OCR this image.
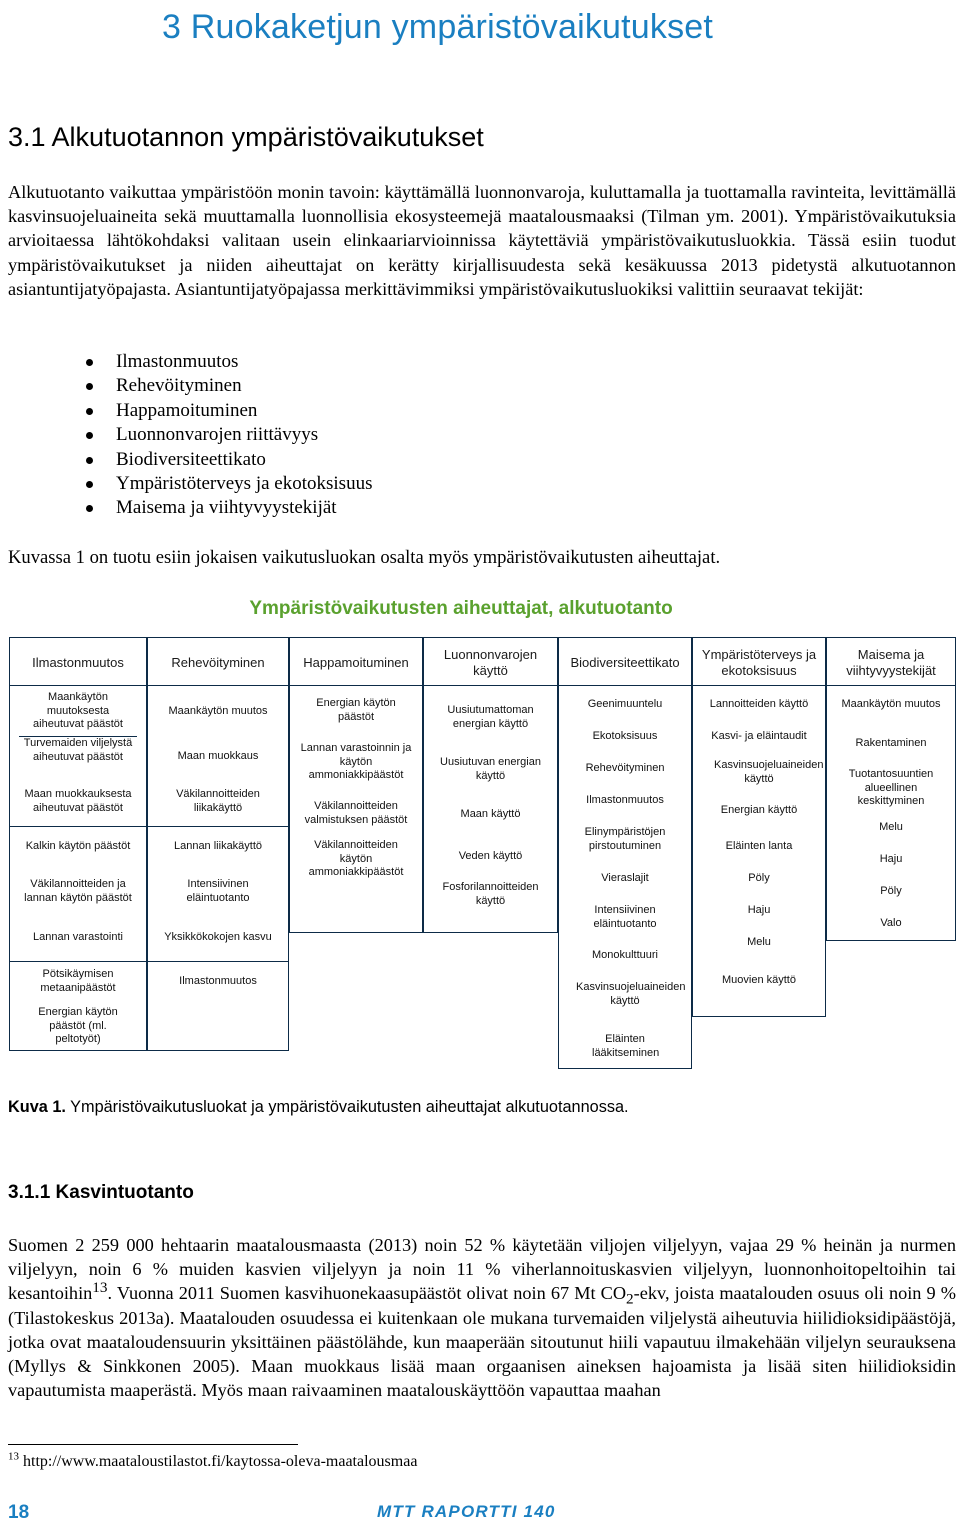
3 Ruokaketjun ympäristövaikutukset
3.1 Alkutuotannon ympäristövaikutukset

Alkutuotanto vaikuttaa ympäristöön monin tavoin: käyttämällä luonnonvaroja, kuluttamalla ja tuottamalla ravinteita, levittämällä kasvinsuojeluaineita sekä muuttamalla luonnollisia ekosysteemejä maatalousmaaksi (Tilman ym. 2001). Ympäristövaikutuksia arvioitaessa lähtökohdaksi valitaan usein elinkaariarvioinnissa käytettäviä ympäristövaikutusluokkia. Tässä esiin tuodut ympäristövaikutukset ja niiden aiheuttajat on kerätty kirjallisuudesta sekä kesäkuussa 2013 pidetystä alkutuotannon asiantuntijatyöpajasta. Asiantuntijatyöpajassa merkittävimmiksi ympäristövaikutusluokiksi valittiin seuraavat tekijät:

Ilmastonmuutos
Rehevöityminen
Happamoituminen
Luonnonvarojen riittävyys
Biodiversiteettikato
Ympäristöterveys ja ekotoksisuus
Maisema ja viihtyvyystekijät

Kuvassa 1 on tuotu esiin jokaisen vaikutusluokan osalta myös ympäristövaikutusten aiheuttajat.

Ympäristövaikutusten aiheuttajat, alkutuotanto
Ilmastonmuutos
Maankäytön muutoksesta aiheutuvat päästöt
Turvemaiden viljelystä aiheutuvat päästöt
Maan muokkauksesta aiheutuvat päästöt
Kalkin käytön päästöt
Väkilannoitteiden ja lannan käytön päästöt
Lannan varastointi
Pötsikäymisen metaanipäästöt
Energian käytön päästöt (ml. peltotyöt)
Rehevöityminen
Maankäytön muutos
Maan muokkaus
Väkilannoitteiden liikakäyttö
Lannan liikakäyttö
Intensiivinen eläintuotanto
Yksikkökokojen kasvu
Ilmastonmuutos
Happamoituminen
Energian käytön päästöt
Lannan varastoinnin ja käytön ammoniakkipäästöt
Väkilannoitteiden valmistuksen päästöt
Väkilannoitteiden käytön ammoniakkipäästöt
Luonnonvarojen käyttö
Uusiutumattoman energian käyttö
Uusiutuvan energian käyttö
Maan käyttö
Veden käyttö
Fosforilannoitteiden käyttö
Biodiversiteettikato
Geenimuuntelu
Ekotoksisuus
Rehevöityminen
Ilmastonmuutos
Elinympäristöjen pirstoutuminen
Vieraslajit
Intensiivinen eläintuotanto
Monokulttuuri
Kasvinsuojeluaineiden käyttö
Eläinten lääkitseminen
Ympäristöterveys ja ekotoksisuus
Lannoitteiden käyttö
Kasvi- ja eläintaudit
Kasvinsuojeluaineiden käyttö
Energian käyttö
Eläinten lanta
Pöly
Haju
Melu
Muovien käyttö
Maisema ja viihtyvyystekijät
Maankäytön muutos
Rakentaminen
Tuotantosuuntien alueellinen keskittyminen
Melu
Haju
Pöly
Valo

Kuva 1. Ympäristövaikutusluokat ja ympäristövaikutusten aiheuttajat alkutuotannossa.

3.1.1 Kasvintuotanto

Suomen 2 259 000 hehtaarin maatalousmaasta (2013) noin 52 % käytetään viljojen viljelyyn, vajaa 29 % heinän ja nurmen viljelyyn, noin 6 % muiden kasvien viljelyyn ja noin 11 % viherlannoituskasvien viljelyyn, luonnonhoitopeltoihin tai kesantoihin$^{13}$. Vuonna 2011 Suomen kasvihuonekaasupäästöt olivat noin 67 Mt $CO_2$-ekv, joista maatalouden osuus oli noin 9 % (Tilastokeskus 2013a). Maatalouden osuudessa ei kuitenkaan ole mukana turvemaiden viljelystä aiheutuvia hiilidioksidipäästöjä, jotka ovat maataloudensuurin yksittäinen päästölähde, kun maaperään sitoutunut hiili vapautuu ilmakehään viljelyn seurauksena (Myllys & Sinkkonen 2005). Maan muokkaus lisää maan orgaanisen aineksen hajoamista ja lisää siten hiilidioksidin vapautumista maaperästä. Myös maan raivaaminen maatalouskäyttöön vapauttaa maahan

$^{13}$ http://www.maataloustilastot.fi/kaytossa-oleva-maatalousmaa

18	MTT RAPORTTI 140
